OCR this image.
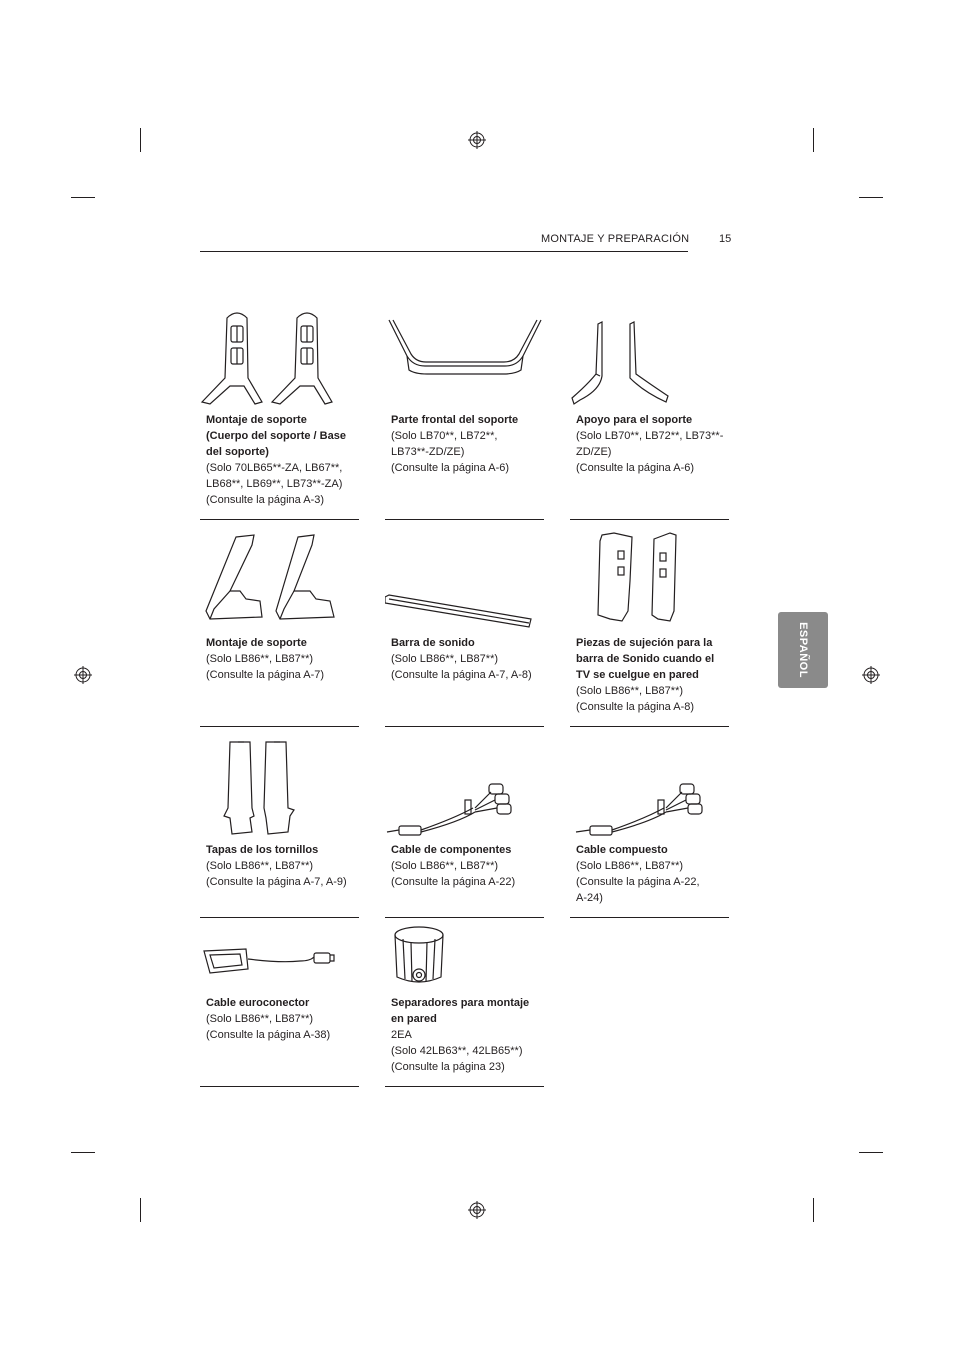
MONTAJE Y PREPARACIÓN	15
ESPAÑOL
Montaje de soporte
(Cuerpo del soporte / Base
del soporte)
(Solo 70LB65**-ZA, LB67**,
LB68**, LB69**, LB73**-ZA)
(Consulte la página A-3)
Parte frontal del soporte
(Solo LB70**, LB72**,
LB73**-ZD/ZE)
(Consulte la página A-6)
Apoyo para el soporte
(Solo LB70**, LB72**, LB73**-
ZD/ZE)
(Consulte la página A-6)
Montaje de soporte
(Solo LB86**, LB87**)
(Consulte la página A-7)
Barra de sonido
(Solo LB86**, LB87**)
(Consulte la página A-7, A-8)
Piezas de sujeción para la
barra de Sonido cuando el
TV se cuelgue en pared
(Solo LB86**, LB87**)
(Consulte la página A-8)
Tapas de los tornillos
(Solo LB86**, LB87**)
(Consulte la página A-7, A-9)
Cable de componentes
(Solo LB86**, LB87**)
(Consulte la página A-22)
Cable compuesto
(Solo LB86**, LB87**)
(Consulte la página A-22,
A-24)
Cable euroconector
(Solo LB86**, LB87**)
(Consulte la página A-38)
Separadores para montaje
en pared
2EA
(Solo 42LB63**, 42LB65**)
(Consulte la página 23)
